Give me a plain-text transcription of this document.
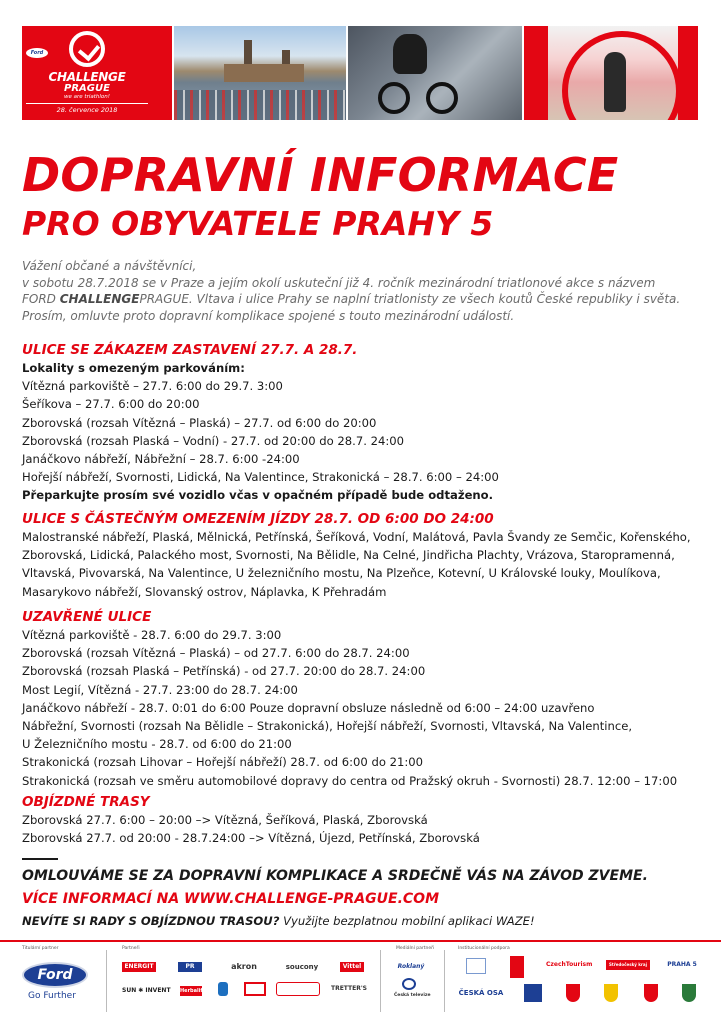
Ford
CHALLENGE
PRAGUE
we are triathlon!
28. července 2018
DOPRAVNÍ INFORMACE
PRO OBYVATELE PRAHY 5

Vážení občané a návštěvníci,

v sobotu 28.7.2018 se v Praze a jejím okolí uskuteční již 4. ročník mezinárodní triatlonové akce s názvem

FORD CHALLENGEPRAGUE. Vltava i ulice Prahy se naplní triatlonisty ze všech koutů České republiky i světa.

Prosím, omluvte proto dopravní komplikace spojené s touto mezinárodní událostí.

ULICE SE ZÁKAZEM ZASTAVENÍ 27.7. A 28.7.
Lokality s omezeným parkováním:
Vítězná parkoviště – 27.7. 6:00 do 29.7. 3:00
Šeříkova – 27.7. 6:00 do 20:00
Zborovská (rozsah Vítězná – Plaská) – 27.7. od 6:00 do 20:00
Zborovská (rozsah Plaská – Vodní) - 27.7. od 20:00 do 28.7. 24:00
Janáčkovo nábřeží, Nábřežní – 28.7. 6:00 -24:00
Hořejší nábřeží, Svornosti, Lidická, Na Valentince, Strakonická – 28.7. 6:00 – 24:00
Přeparkujte prosím své vozidlo včas v opačném případě bude odtaženo.
ULICE S ČÁSTEČNÝM OMEZENÍM JÍZDY 28.7. OD 6:00 DO 24:00
Malostranské nábřeží, Plaská, Mělnická, Petřínská, Šeříková, Vodní, Malátová, Pavla Švandy ze Semčic, Kořenského,
Zborovská, Lidická, Palackého most, Svornosti, Na Bělidle, Na Celné, Jindřicha Plachty, Vrázova, Staropramenná,
Vltavská, Pivovarská, Na Valentince, U železničního mostu, Na Plzeňce, Kotevní, U Královské louky, Moulíkova,
Masarykovo nábřeží, Slovanský ostrov, Náplavka, K Přehradám
UZAVŘENÉ ULICE
Vítězná parkoviště - 28.7. 6:00 do 29.7. 3:00
Zborovská (rozsah Vítězná – Plaská) – od 27.7. 6:00 do 28.7. 24:00
Zborovská (rozsah Plaská – Petřínská) - od 27.7. 20:00 do 28.7. 24:00
Most Legií, Vítězná - 27.7. 23:00 do 28.7. 24:00
Janáčkovo nábřeží - 28.7. 0:01 do 6:00 Pouze dopravní obsluze následně od 6:00 – 24:00 uzavřeno
Nábřežní, Svornosti (rozsah Na Bělidle – Strakonická), Hořejší nábřeží, Svornosti, Vltavská, Na Valentince,
U Železničního mostu - 28.7. od 6:00 do 21:00
Strakonická (rozsah Lihovar – Hořejší nábřeží) 28.7. od 6:00 do 21:00
Strakonická (rozsah ve směru automobilové dopravy do centra od Pražský okruh - Svornosti) 28.7. 12:00 – 17:00
OBJÍZDNÉ TRASY
Zborovská 27.7. 6:00 – 20:00 –> Vítězná, Šeříková, Plaská, Zborovská
Zborovská 27.7. od 20:00 - 28.7.24:00 –> Vítězná, Újezd, Petřínská, Zborovská
OMLOUVÁME SE ZA DOPRAVNÍ KOMPLIKACE A SRDEČNĚ VÁS NA ZÁVOD ZVEME.
VÍCE INFORMACÍ NA WWW.CHALLENGE-PRAGUE.COM
NEVÍTE SI RADY S OBJÍZDNOU TRASOU? Využijte bezplatnou mobilní aplikaci WAZE!
Titulární partner
Ford
Go Further
Partneři
ENERGIT	PR	akron	soucony	Vittel
SUN ✱ INVENT Herbalife	TRETTER'S
Mediální partneři
Roklaný
Česká televize
Institucionální podpora
CzechTourism	Středočeský kraj	PRAHA 5
ČESKÁ OSA
